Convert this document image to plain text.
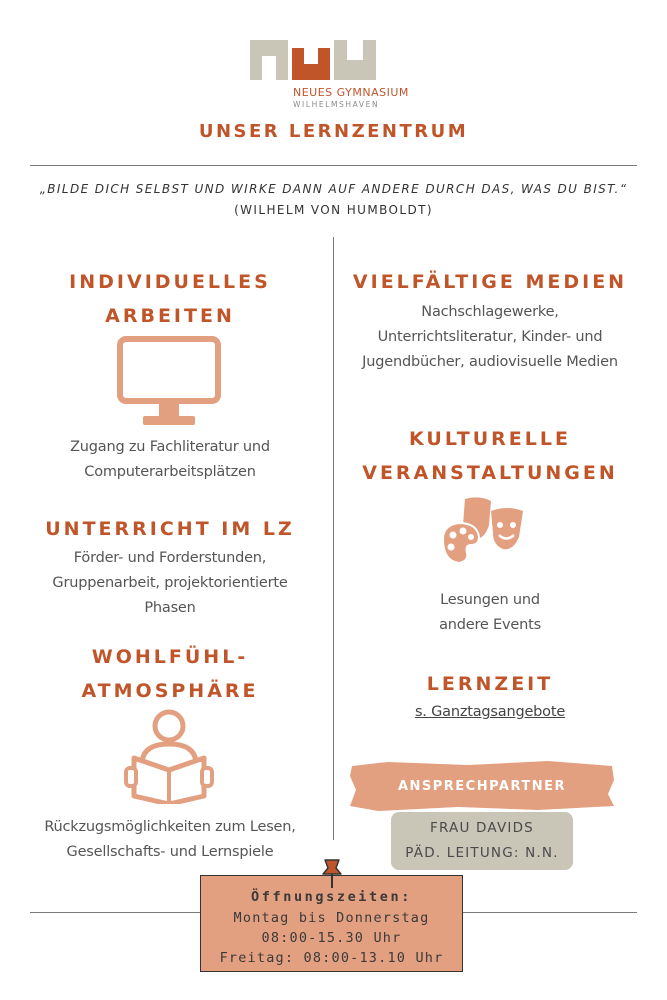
NEUES GYMNASIUM
WILHELMSHAVEN
UNSER LERNZENTRUM
„BILDE DICH SELBST UND WIRKE DANN AUF ANDERE DURCH DAS, WAS DU BIST.“
(WILHELM VON HUMBOLDT)
INDIVIDUELLES
ARBEITEN
Zugang zu Fachliteratur und
Computerarbeitsplätzen
UNTERRICHT IM LZ
Förder- und Forderstunden,
Gruppenarbeit, projektorientierte
Phasen
WOHLFÜHL-
ATMOSPHÄRE
Rückzugsmöglichkeiten zum Lesen,
Gesellschafts- und Lernspiele
VIELFÄLTIGE MEDIEN
Nachschlagewerke,
Unterrichtsliteratur, Kinder- und
Jugendbücher, audiovisuelle Medien
KULTURELLE
VERANSTALTUNGEN
Lesungen und
andere Events
LERNZEIT
s. Ganztagsangebote
ANSPRECHPARTNER
FRAU DAVIDS
PÄD. LEITUNG: N.N.
Öffnungszeiten:
Montag bis Donnerstag
08:00-15.30 Uhr
Freitag: 08:00-13.10 Uhr
